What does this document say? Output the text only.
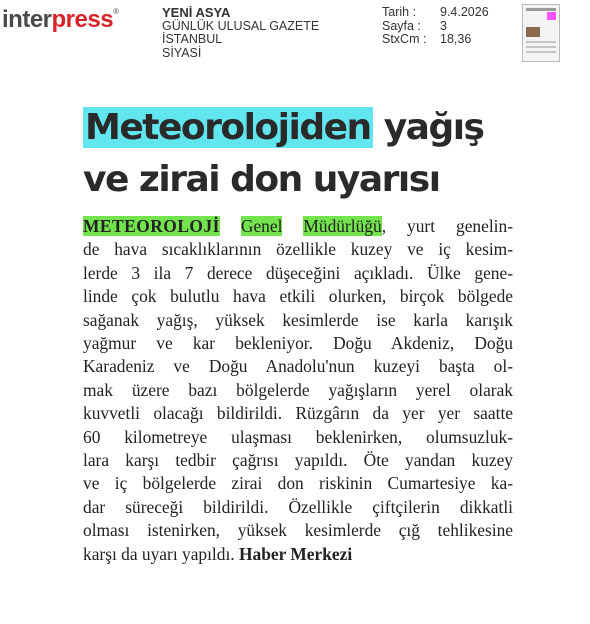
interpress®	YENİ ASYA
GÜNLÜK ULUSAL GAZETE
İSTANBUL
SİYASİ
Tarih :	9.4.2026
Sayfa :	3
StxCm :	18,36
Meteorolojiden yağış
ve zirai don uyarısı
METEOROLOJİ Genel Müdürlüğü, yurt genelin-
de hava sıcaklıklarının özellikle kuzey ve iç kesim-
lerde 3 ila 7 derece düşeceğini açıkladı. Ülke gene-
linde çok bulutlu hava etkili olurken, birçok bölgede
sağanak yağış, yüksek kesimlerde ise karla karışık
yağmur ve kar bekleniyor. Doğu Akdeniz, Doğu
Karadeniz ve Doğu Anadolu'nun kuzeyi başta ol-
mak üzere bazı bölgelerde yağışların yerel olarak
kuvvetli olacağı bildirildi. Rüzgârın da yer yer saatte
60 kilometreye ulaşması beklenirken, olumsuzluk-
lara karşı tedbir çağrısı yapıldı. Öte yandan kuzey
ve iç bölgelerde zirai don riskinin Cumartesiye ka-
dar süreceği bildirildi. Özellikle çiftçilerin dikkatli
olması istenirken, yüksek kesimlerde çığ tehlikesine
karşı da uyarı yapıldı. Haber Merkezi
